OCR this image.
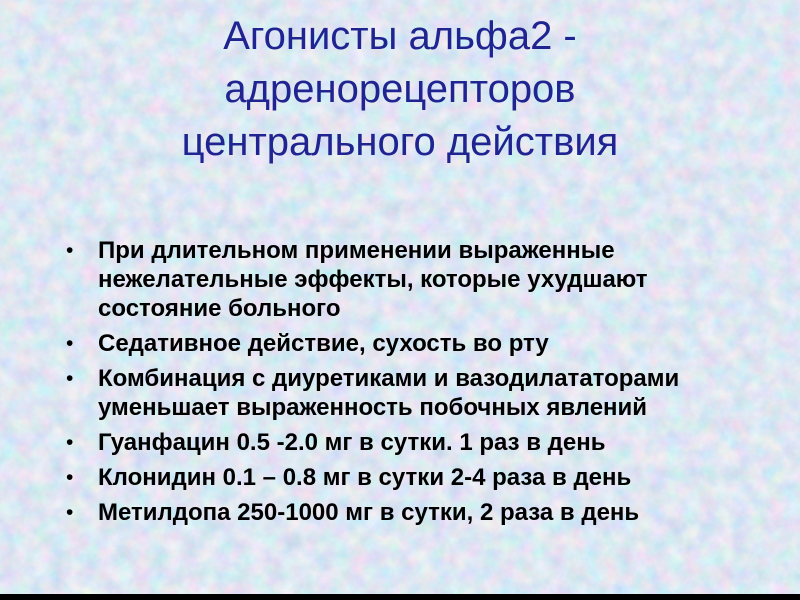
Агонисты альфа2 -
адренорецепторов
центрального действия
• При длительном применении выраженные нежелательные эффекты, которые ухудшают состояние больного
• Седативное действие, сухость во рту
• Комбинация с диуретиками и вазодилататорами уменьшает выраженность побочных явлений
• Гуанфацин 0.5 -2.0 мг в сутки. 1 раз в день
• Клонидин 0.1 – 0.8 мг в сутки 2-4 раза в день
• Метилдопа 250-1000 мг в сутки, 2 раза в день
